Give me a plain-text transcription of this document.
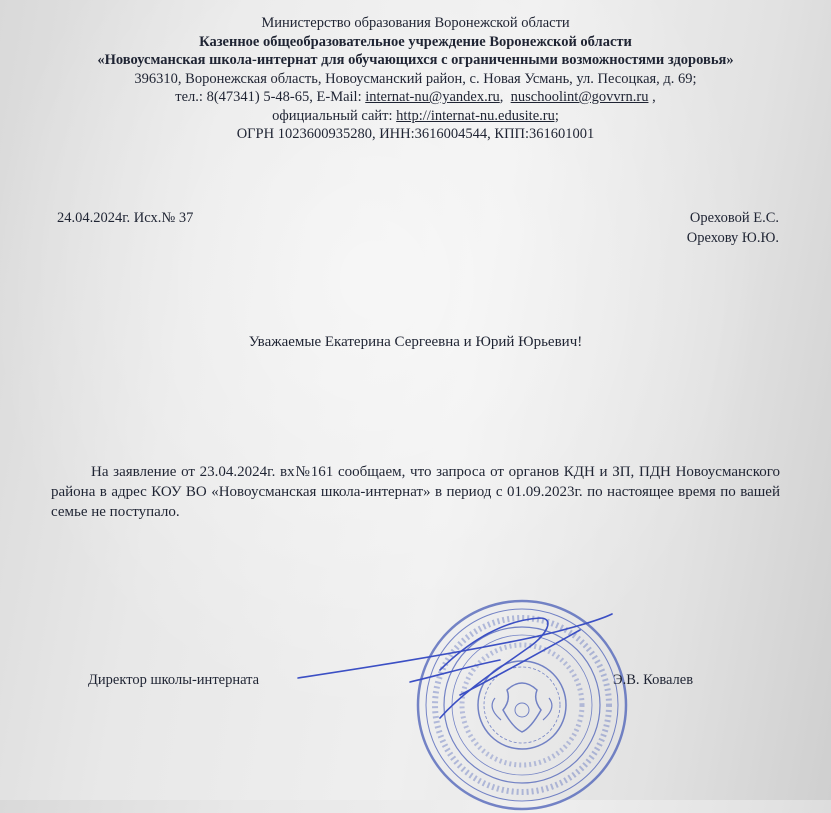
Министерство образования Воронежской области
Казенное общеобразовательное учреждение Воронежской области
«Новоусманская школа-интернат для обучающихся с ограниченными возможностями здоровья»
396310, Воронежская область, Новоусманский район, с. Новая Усмань, ул. Песоцкая, д. 69;
тел.: 8(47341) 5-48-65, E-Mail: internat-nu@yandex.ru,  nuschoolint@govvrn.ru ,
официальный сайт: http://internat-nu.edusite.ru;
ОГРН 1023600935280, ИНН:3616004544, КПП:361601001
24.04.2024г. Исх.№ 37	Ореховой Е.С.
Орехову Ю.Ю.
Уважаемые Екатерина Сергеевна и Юрий Юрьевич!
На заявление от 23.04.2024г. вх№161 сообщаем, что запроса от органов КДН и ЗП, ПДН Новоусманского района в адрес КОУ ВО «Новоусманская школа-интернат» в период с 01.09.2023г. по настоящее время по вашей семье не поступало.
Директор школы-интерната	Э.В. Ковалев
